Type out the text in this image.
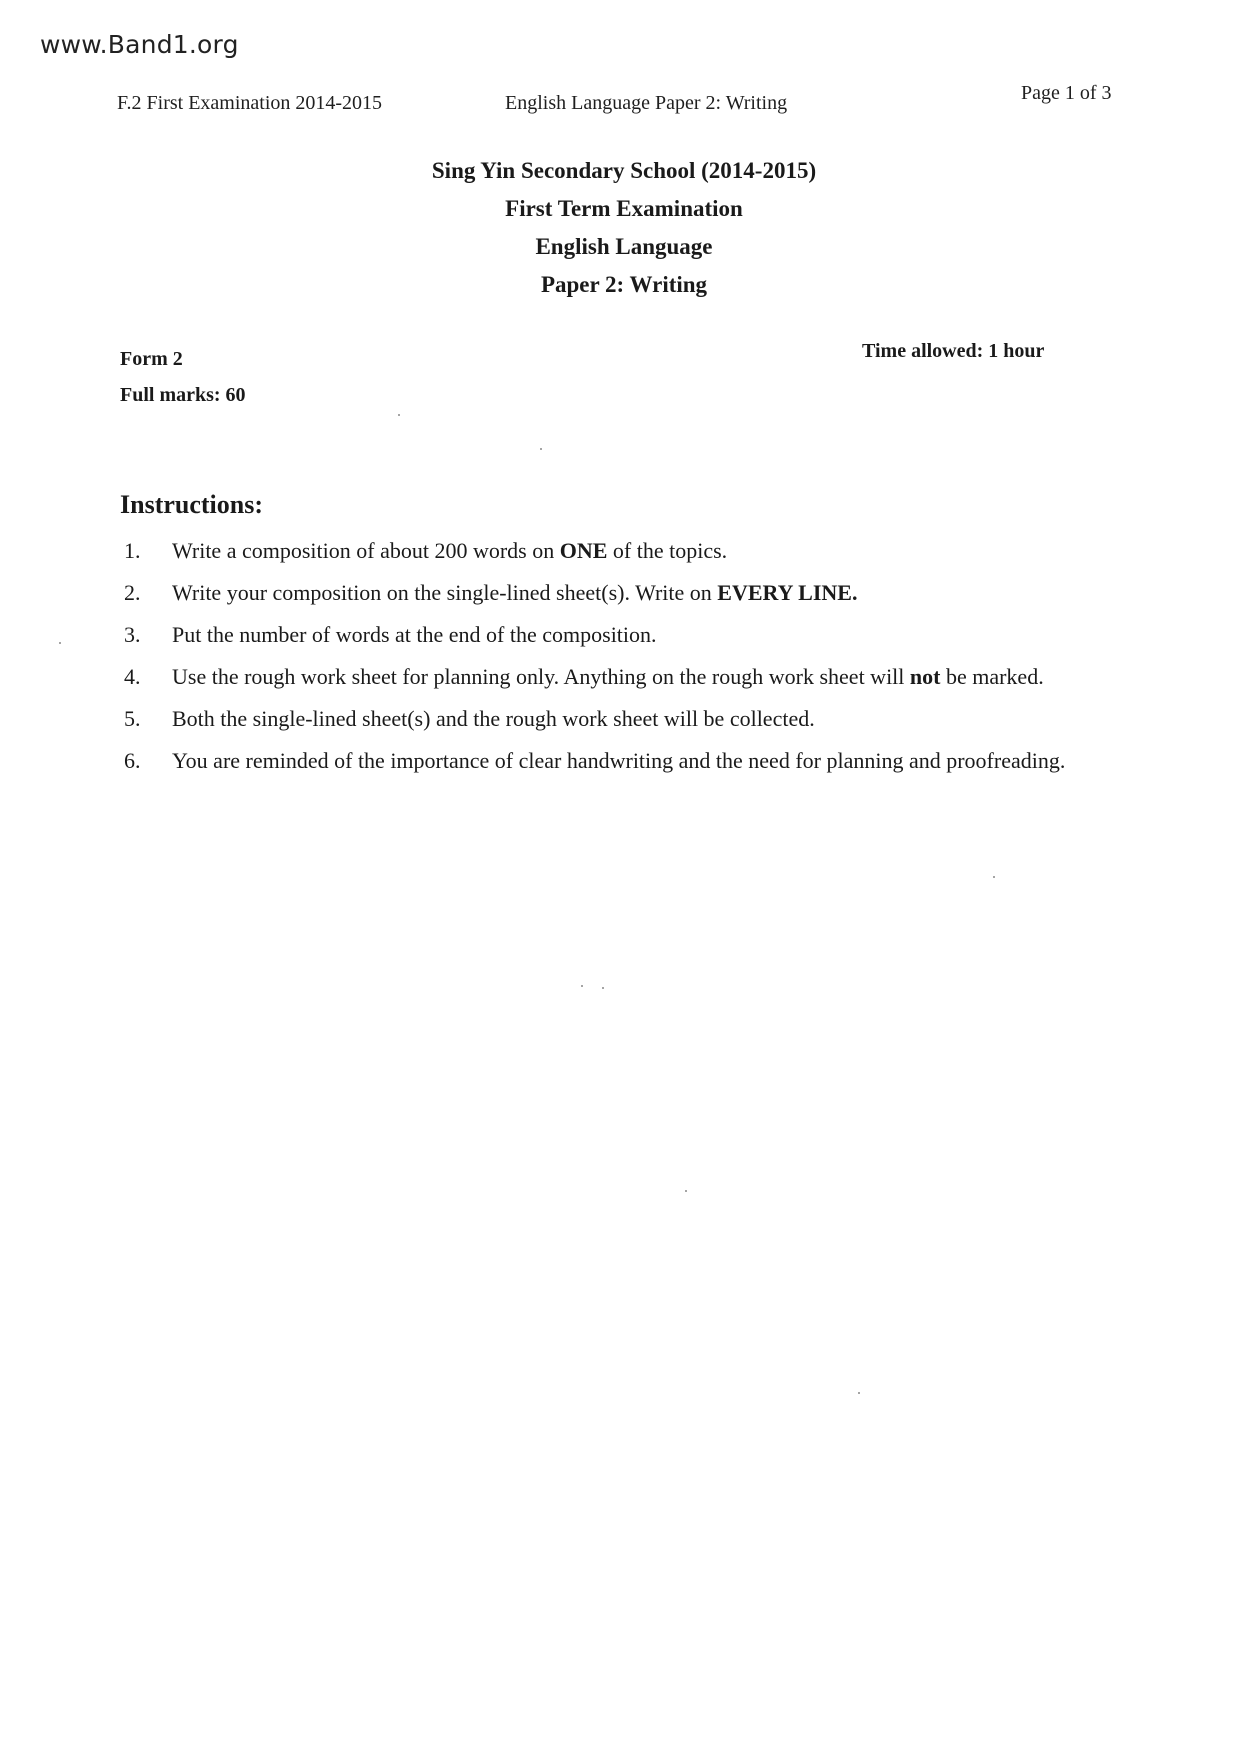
www.Band1.org
F.2 First Examination 2014-2015	English Language Paper 2: Writing	Page 1 of 3
Sing Yin Secondary School (2014-2015)
First Term Examination
English Language
Paper 2: Writing
Form 2
Full marks: 60
Time allowed: 1 hour
Instructions:
1. Write a composition of about 200 words on ONE of the topics.
2. Write your composition on the single-lined sheet(s). Write on EVERY LINE.
3. Put the number of words at the end of the composition.
4. Use the rough work sheet for planning only. Anything on the rough work sheet will not be marked.
5. Both the single-lined sheet(s) and the rough work sheet will be collected.
6. You are reminded of the importance of clear handwriting and the need for planning and proofreading.
